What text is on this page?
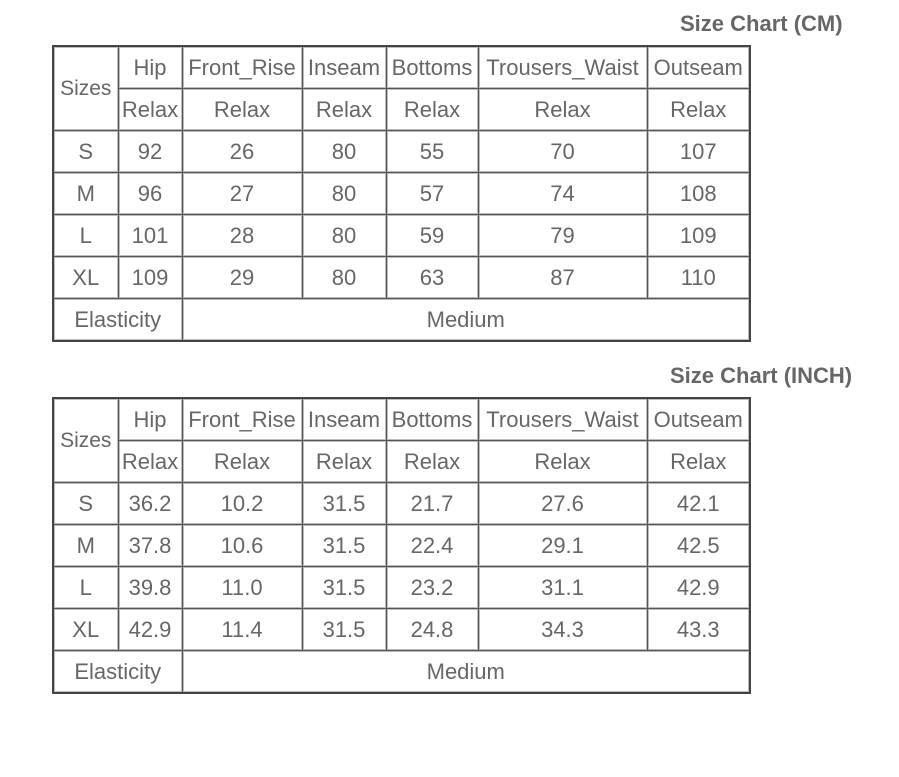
Size Chart (CM)
Sizes	Hip	Front_Rise	Inseam	Bottoms	Trousers_Waist	Outseam
	Relax	Relax	Relax	Relax	Relax	Relax
S	92	26	80	55	70	107
M	96	27	80	57	74	108
L	101	28	80	59	79	109
XL	109	29	80	63	87	110
Elasticity		Medium				
Size Chart (INCH)
Sizes	Hip	Front_Rise	Inseam	Bottoms	Trousers_Waist	Outseam
	Relax	Relax	Relax	Relax	Relax	Relax
S	36.2	10.2	31.5	21.7	27.6	42.1
M	37.8	10.6	31.5	22.4	29.1	42.5
L	39.8	11.0	31.5	23.2	31.1	42.9
XL	42.9	11.4	31.5	24.8	34.3	43.3
Elasticity		Medium				
